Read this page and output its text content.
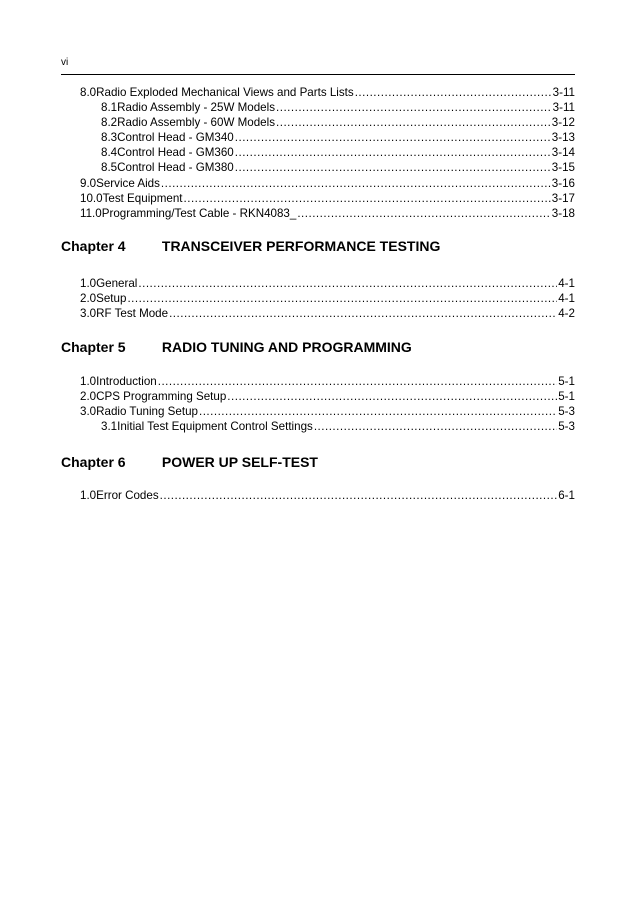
vi
8.0 Radio Exploded Mechanical Views and Parts Lists .....	3-11
8.1 Radio Assembly - 25W Models .....	3-11
8.2 Radio Assembly - 60W Models .....	3-12
8.3 Control Head - GM340 .....	3-13
8.4 Control Head - GM360 .....	3-14
8.5 Control Head - GM380 .....	3-15
9.0 Service Aids .....	3-16
10.0 Test Equipment .....	3-17
11.0 Programming/Test Cable - RKN4083_ .....	3-18
Chapter 4	TRANSCEIVER PERFORMANCE TESTING
1.0 General .....	4-1
2.0 Setup .....	4-1
3.0 RF Test Mode .....	4-2
Chapter 5	RADIO TUNING AND PROGRAMMING
1.0 Introduction .....	5-1
2.0 CPS Programming Setup .....	5-1
3.0 Radio Tuning Setup .....	5-3
3.1 Initial Test Equipment Control Settings .....	5-3
Chapter 6	POWER UP SELF-TEST
1.0 Error Codes .....	6-1
